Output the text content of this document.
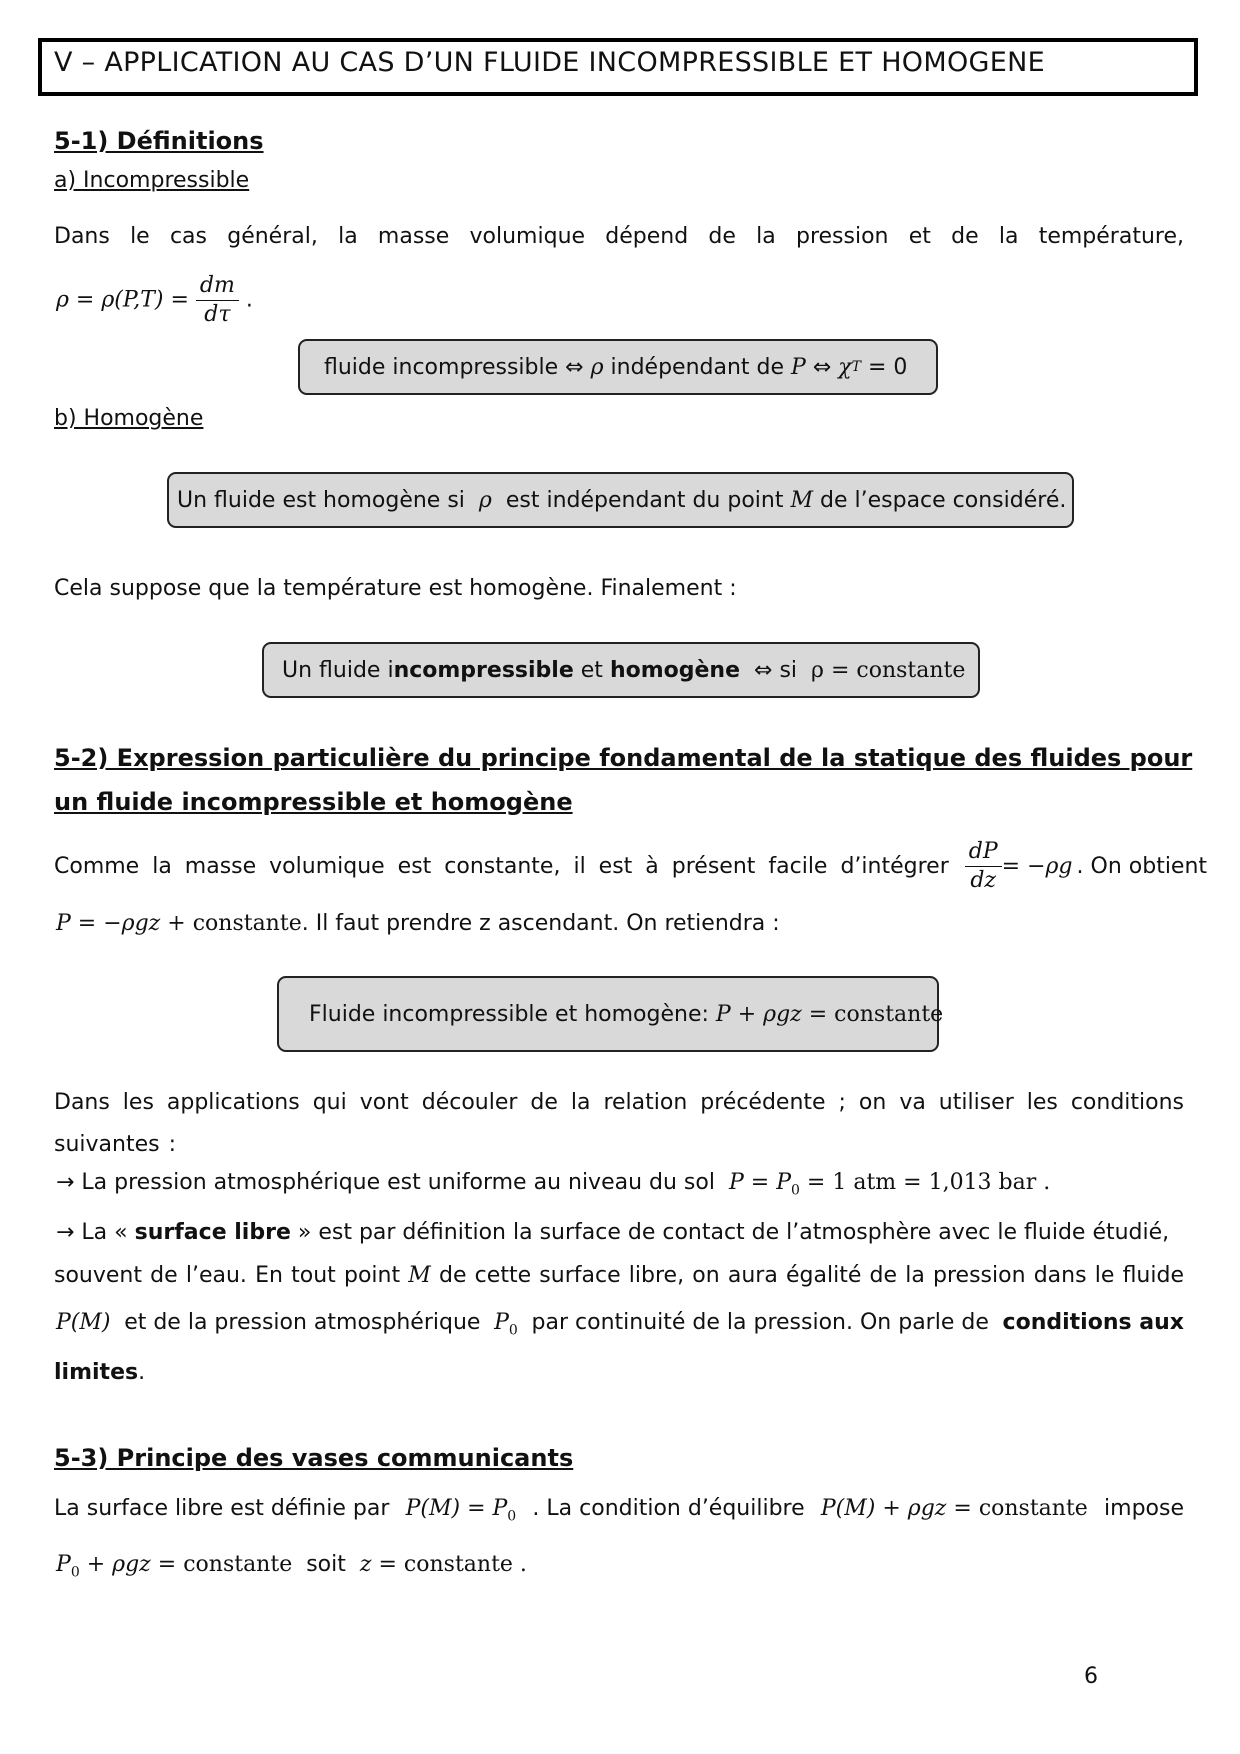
V – APPLICATION AU CAS D’UN FLUIDE INCOMPRESSIBLE ET HOMOGENE
5-1) Définitions
a) Incompressible
Dans le cas général, la masse volumique dépend de la pression et de la température,
$\rho = \rho(P,T) = \frac{dm}{d\tau}$ .
fluide incompressible ⇔
ρ
indépendant de
P
⇔
χ T
= 0
b) Homogène
Un fluide est homogène si
ρ
est indépendant du point
M
de l’espace considéré.
Cela suppose que la température est homogène. Finalement :
Un fluide i ncompressible
et
homogène
⇔ si
ρ = constante
5-2) Expression particulière du principe fondamental de la statique des fluides pour
un fluide incompressible et homogène
Comme la masse volumique est constante, il est à présent facile d’intégrer $\frac{dP}{dz} = -\rho g$ . On obtient
P = −ρgz + constante. Il faut prendre z ascendant. On retiendra :
Fluide incompressible et homogène:
P + ρgz =
constante
Dans les applications qui vont découler de la relation précédente ; on va utiliser les conditions suivantes :
→ La pression atmosphérique est uniforme au niveau du sol $P = P_0 = 1$ atm = 1,013 bar .
→ La « surface libre » est par définition la surface de contact de l’atmosphère avec le fluide étudié,
souvent de l’eau. En tout point M de cette surface libre, on aura égalité de la pression dans le fluide
P(M) et de la pression atmosphérique $P_0$ par continuité de la pression. On parle de conditions aux
limites.
5-3) Principe des vases communicants
La surface libre est définie par $P(M) = P_0$ . La condition d’équilibre P(M) + ρgz = constante impose
$P_0 + \rho gz$ = constante soit z = constante .
6
